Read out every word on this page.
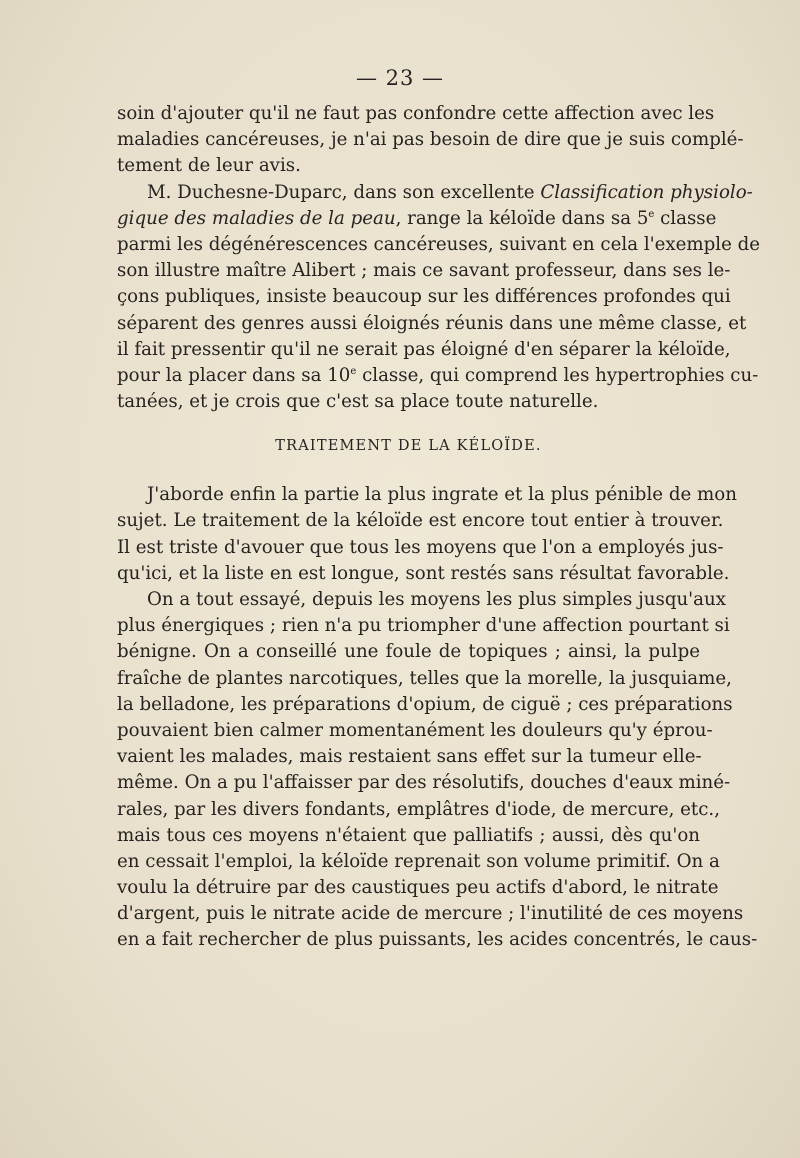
— 23 —
soin d'ajouter qu'il ne faut pas confondre cette affection avec les
maladies cancéreuses, je n'ai pas besoin de dire que je suis complé-
tement de leur avis.
M. Duchesne-Duparc, dans son excellente Classification physiolo-
gique des maladies de la peau, range la kéloïde dans sa 5e classe
parmi les dégénérescences cancéreuses, suivant en cela l'exemple de
son illustre maître Alibert ; mais ce savant professeur, dans ses le-
çons publiques, insiste beaucoup sur les différences profondes qui
séparent des genres aussi éloignés réunis dans une même classe, et
il fait pressentir qu'il ne serait pas éloigné d'en séparer la kéloïde,
pour la placer dans sa 10e classe, qui comprend les hypertrophies cu-
tanées, et je crois que c'est sa place toute naturelle.
TRAITEMENT DE LA KÉLOÏDE.
J'aborde enfin la partie la plus ingrate et la plus pénible de mon
sujet. Le traitement de la kéloïde est encore tout entier à trouver.
Il est triste d'avouer que tous les moyens que l'on a employés jus-
qu'ici, et la liste en est longue, sont restés sans résultat favorable.
On a tout essayé, depuis les moyens les plus simples jusqu'aux
plus énergiques ; rien n'a pu triompher d'une affection pourtant si
bénigne. On a conseillé une foule de topiques ; ainsi, la pulpe
fraîche de plantes narcotiques, telles que la morelle, la jusquiame,
la belladone, les préparations d'opium, de ciguë ; ces préparations
pouvaient bien calmer momentanément les douleurs qu'y éprou-
vaient les malades, mais restaient sans effet sur la tumeur elle-
même. On a pu l'affaisser par des résolutifs, douches d'eaux miné-
rales, par les divers fondants, emplâtres d'iode, de mercure, etc.,
mais tous ces moyens n'étaient que palliatifs ; aussi, dès qu'on
en cessait l'emploi, la kéloïde reprenait son volume primitif. On a
voulu la détruire par des caustiques peu actifs d'abord, le nitrate
d'argent, puis le nitrate acide de mercure ; l'inutilité de ces moyens
en a fait rechercher de plus puissants, les acides concentrés, le caus-
